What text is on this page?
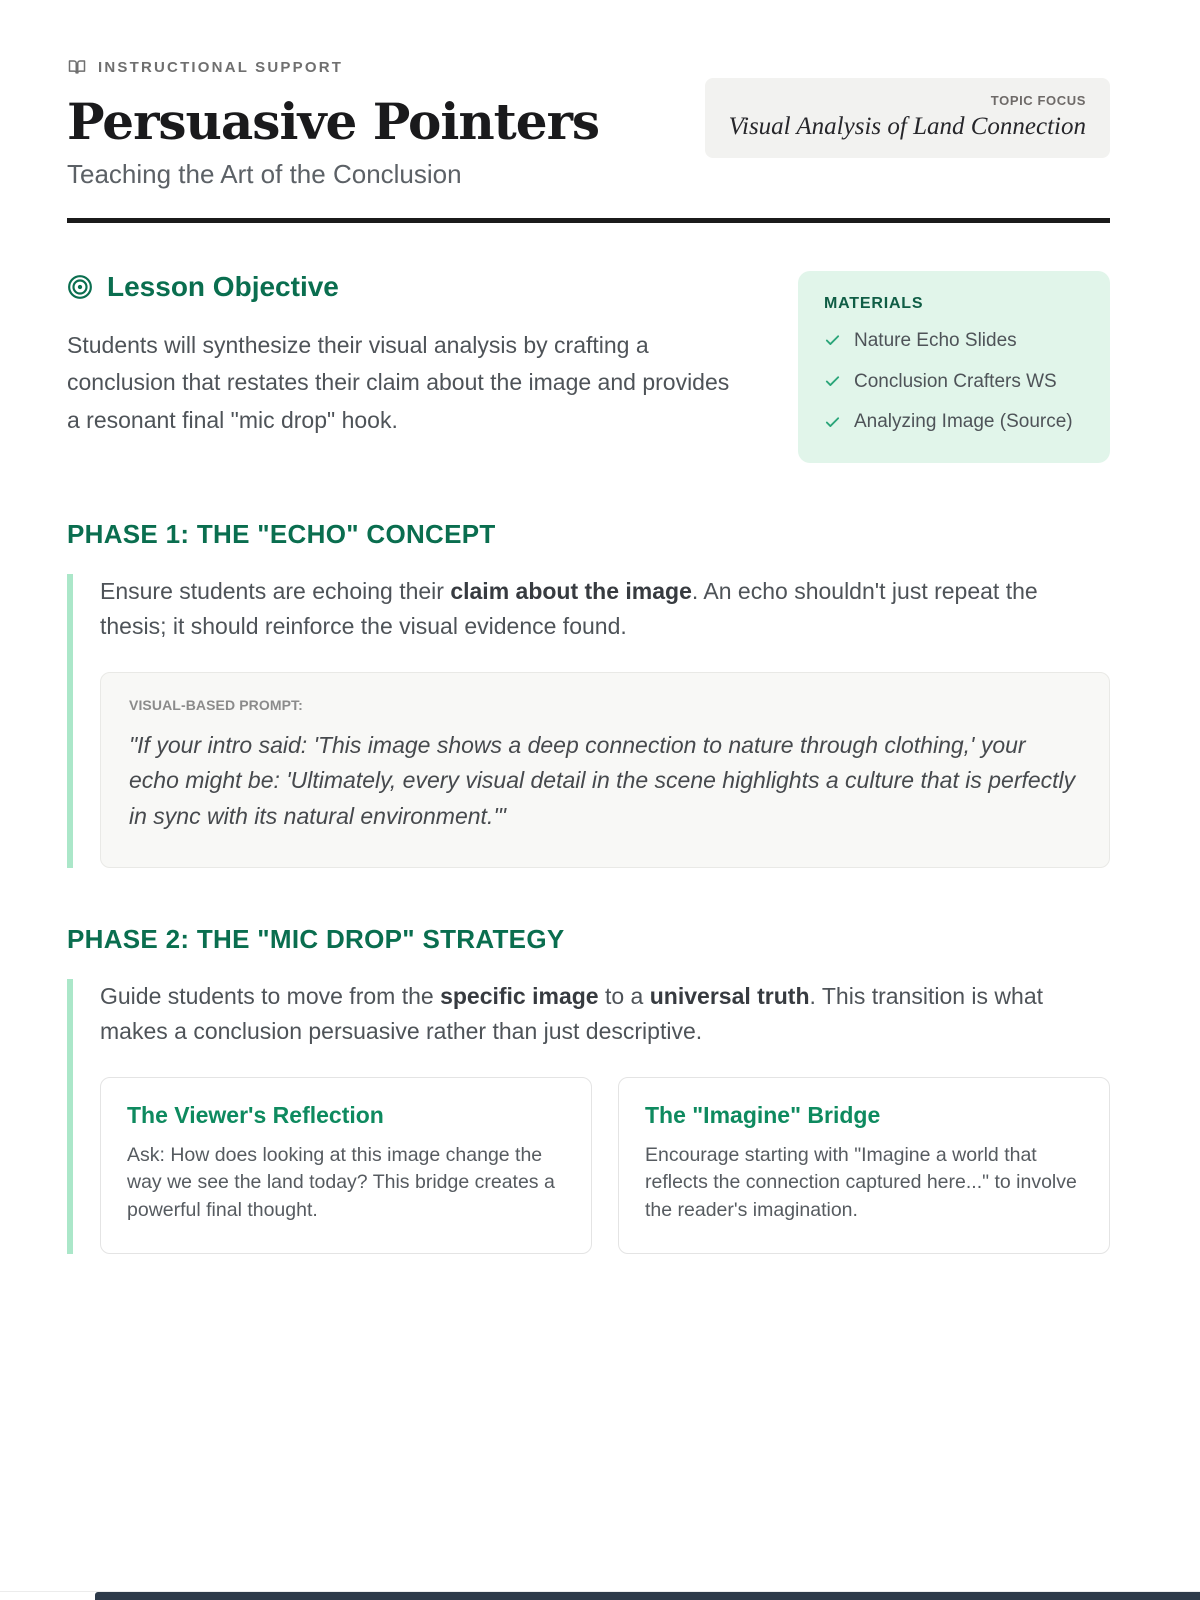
INSTRUCTIONAL SUPPORT
Persuasive Pointers
Teaching the Art of the Conclusion
TOPIC FOCUS
Visual Analysis of Land Connection
Lesson Objective
Students will synthesize their visual analysis by crafting a conclusion that restates their claim about the image and provides a resonant final "mic drop" hook.
MATERIALS
Nature Echo Slides
Conclusion Crafters WS
Analyzing Image (Source)
PHASE 1: THE "ECHO" CONCEPT
Ensure students are echoing their claim about the image. An echo shouldn't just repeat the thesis; it should reinforce the visual evidence found.
VISUAL-BASED PROMPT:
"If your intro said: 'This image shows a deep connection to nature through clothing,' your echo might be: 'Ultimately, every visual detail in the scene highlights a culture that is perfectly in sync with its natural environment.'"
PHASE 2: THE "MIC DROP" STRATEGY
Guide students to move from the specific image to a universal truth. This transition is what makes a conclusion persuasive rather than just descriptive.
The Viewer's Reflection
Ask: How does looking at this image change the way we see the land today? This bridge creates a powerful final thought.
The "Imagine" Bridge
Encourage starting with "Imagine a world that reflects the connection captured here..." to involve the reader's imagination.
